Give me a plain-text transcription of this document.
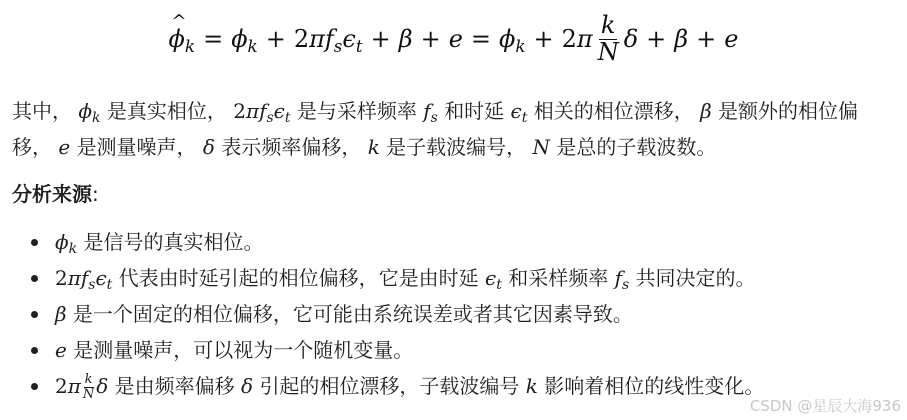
^ $\phi_k = \phi_k + 2$ $\pi f_s\epsilon_t + \beta + e = \phi_k + 2$ π $\frac{k}{N}$ δ + β + e
其中， $\phi_k$ 是真实相位， $2\pi f_s\epsilon_t$ 是与采样频率 $f_s$ 和时延 $\epsilon_t$ 相关的相位漂移， β 是额外的相位偏移， e 是测量噪声， δ 表示频率偏移， k 是子载波编号， N 是总的子载波数。
分析来源:
$\phi_k$ 是信号的真实相位。
$2\pi f_s\epsilon_t$ 代表由时延引起的相位偏移，它是由时延 $\epsilon_t$ 和采样频率 $f_s$ 共同决定的。
β 是一个固定的相位偏移，它可能由系统误差或者其它因素导致。
e 是测量噪声，可以视为一个随机变量。
$2\pi \frac{k}{N}$ δ 是由频率偏移 δ 引起的相位漂移，子载波编号 k 影响着相位的线性变化。
CSDN @星辰大海936
